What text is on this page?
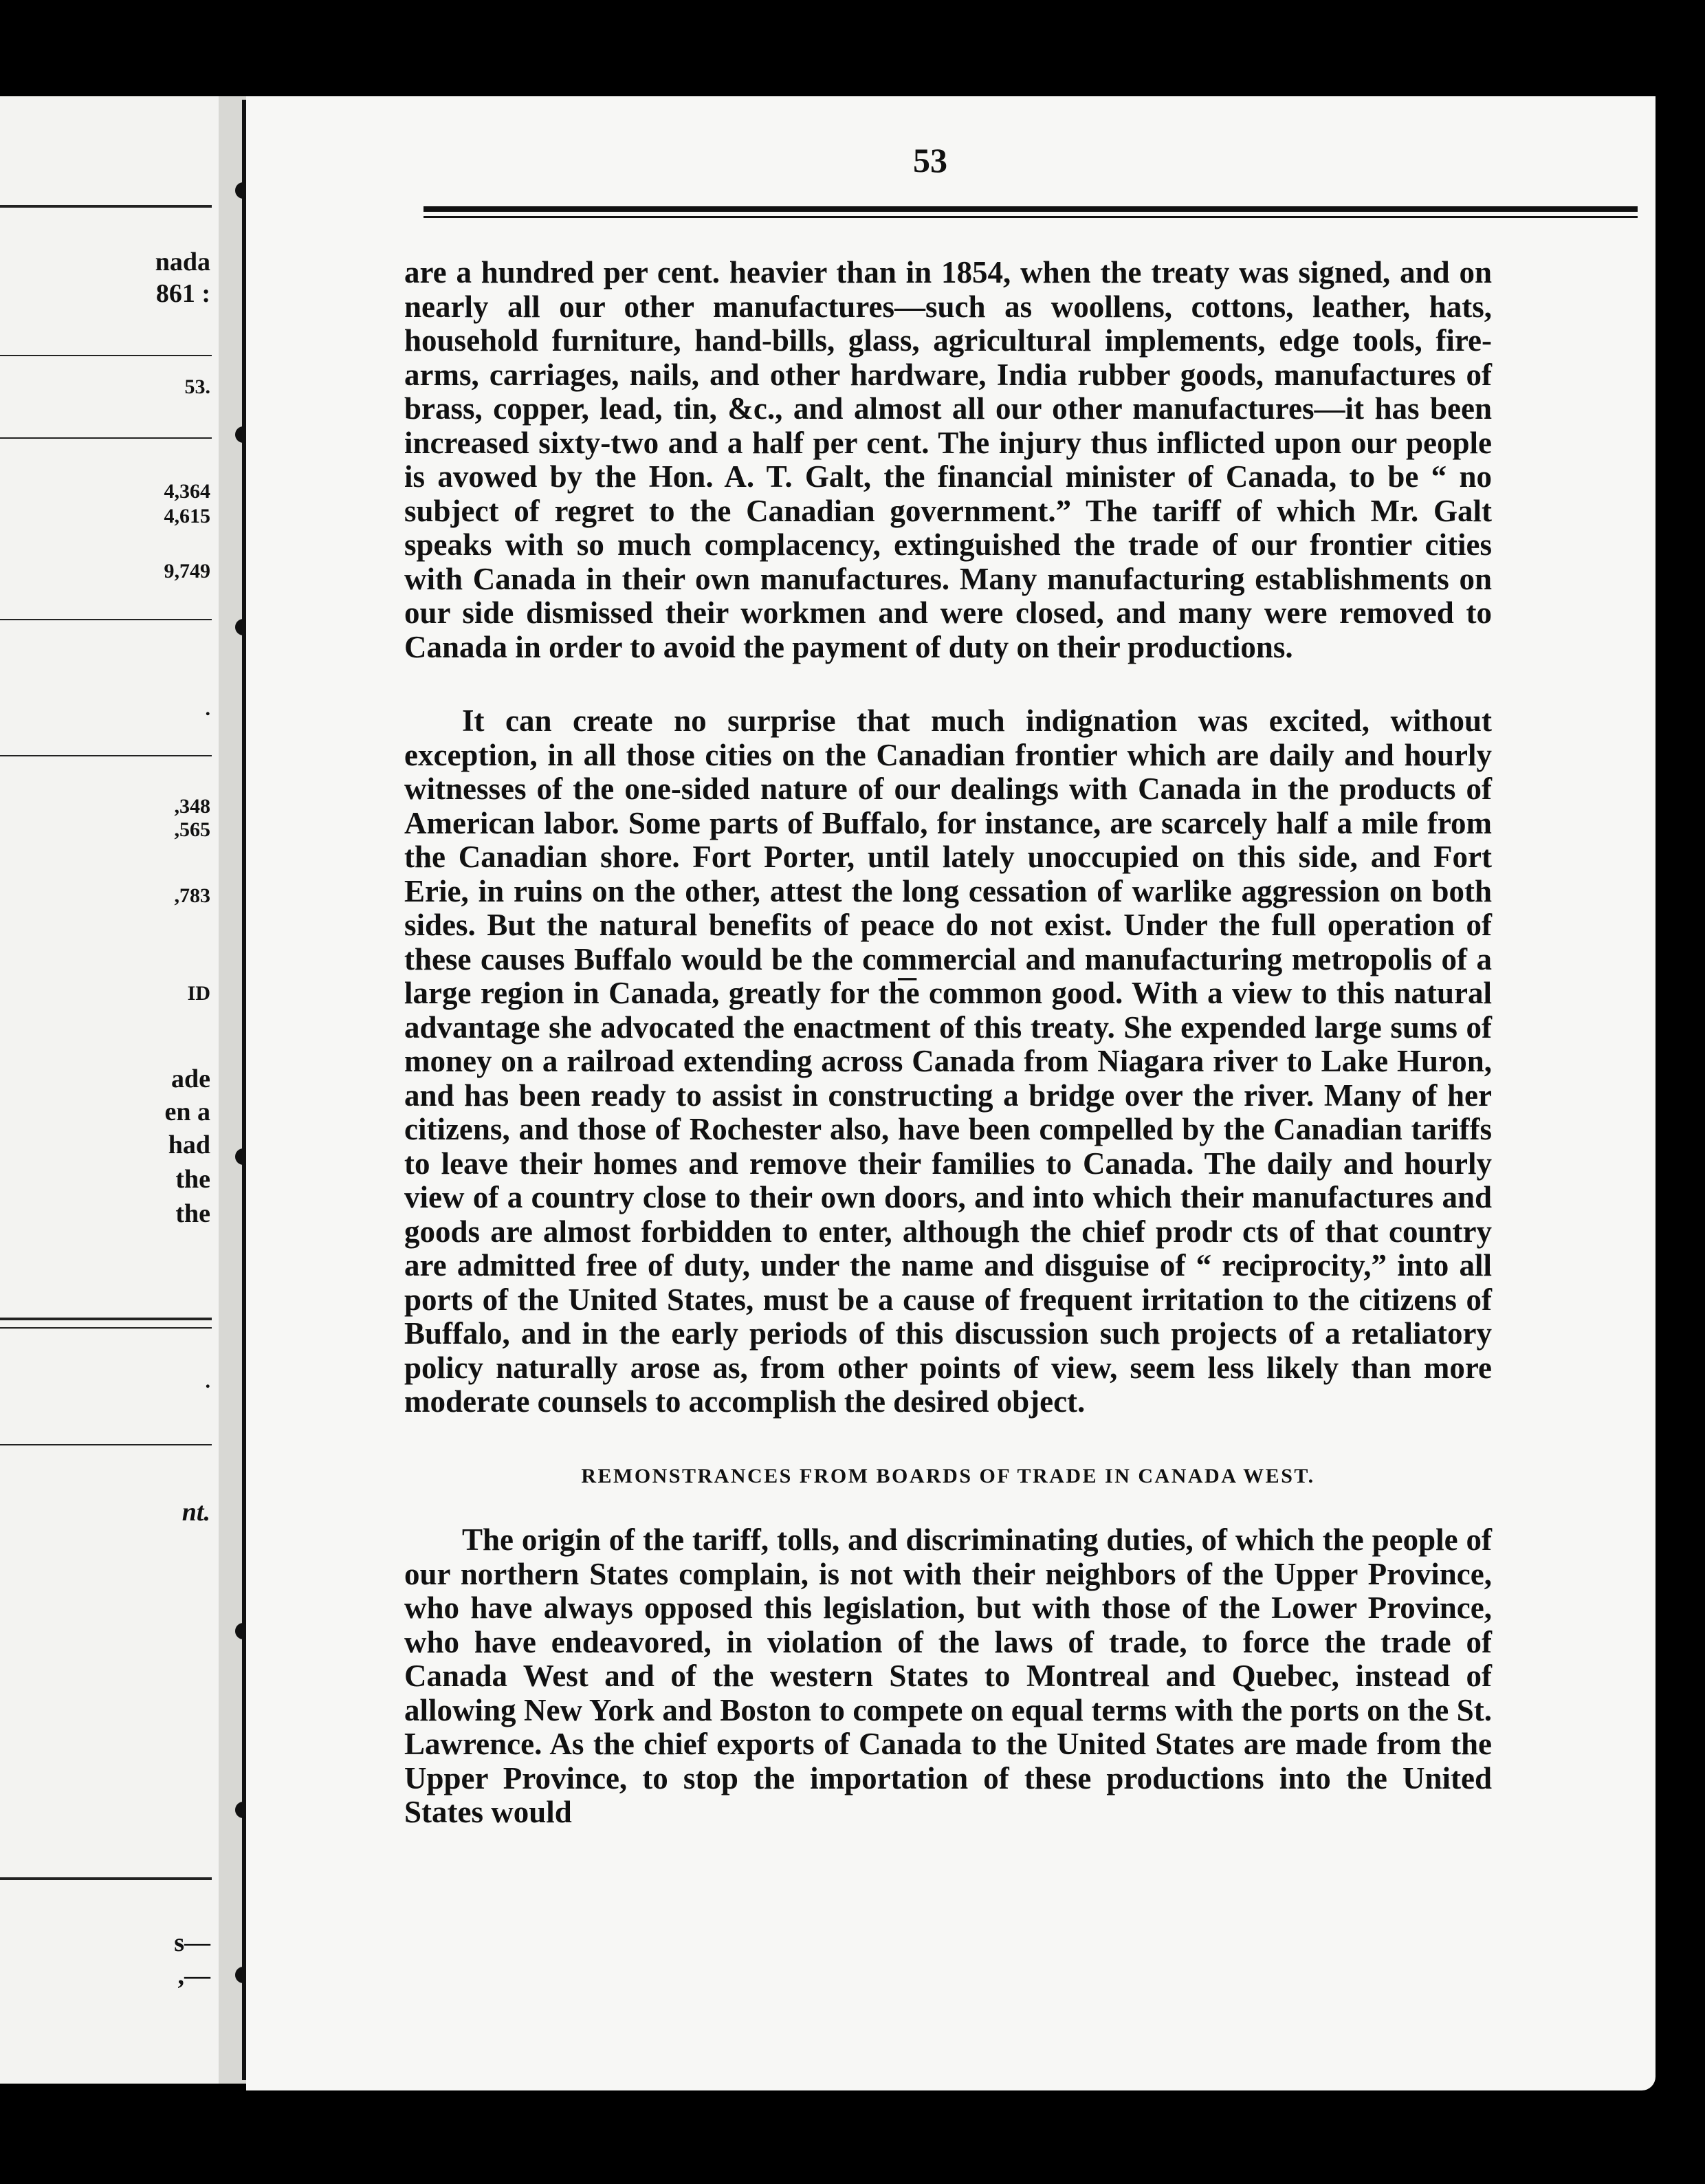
nada
861 :
53.
4,364
4,615
9,749
.
,348
,565
,783
ID
ade
en a
had
the
the
.
nt.
s—
,—
53

are a hundred per cent. heavier than in 1854, when the treaty was signed, and on nearly all our other manufactures—such as woollens, cottons, leather, hats, household furniture, hand-bills, glass, agricultural implements, edge tools, fire-arms, carriages, nails, and other hardware, India rubber goods, manufactures of brass, copper, lead, tin, &c., and almost all our other manufactures—it has been increased sixty-two and a half per cent. The injury thus inflicted upon our people is avowed by the Hon. A. T. Galt, the financial minister of Canada, to be “ no subject of regret to the Canadian government.” The tariff of which Mr. Galt speaks with so much complacency, extinguished the trade of our frontier cities with Canada in their own manufactures. Many manufacturing establishments on our side dismissed their workmen and were closed, and many were removed to Canada in order to avoid the payment of duty on their productions.

It can create no surprise that much indignation was excited, without exception, in all those cities on the Canadian frontier which are daily and hourly witnesses of the one-sided nature of our dealings with Canada in the products of American labor. Some parts of Buffalo, for instance, are scarcely half a mile from the Canadian shore. Fort Porter, until lately unoccupied on this side, and Fort Erie, in ruins on the other, attest the long cessation of warlike aggression on both sides. But the natural benefits of peace do not exist. Under the full operation of these causes Buffalo would be the commercial and manufacturing metropolis of a large region in Canada, greatly for th͞e common good. With a view to this natural advantage she advocated the enactment of this treaty. She expended large sums of money on a railroad extending across Canada from Niagara river to Lake Huron, and has been ready to assist in constructing a bridge over the river. Many of her citizens, and those of Rochester also, have been compelled by the Canadian tariffs to leave their homes and remove their families to Canada. The daily and hourly view of a country close to their own doors, and into which their manufactures and goods are almost forbidden to enter, although the chief prodr cts of that country are admitted free of duty, under the name and disguise of “ reciprocity,” into all ports of the United States, must be a cause of frequent irritation to the citizens of Buffalo, and in the early periods of this discussion such projects of a retaliatory policy naturally arose as, from other points of view, seem less likely than more moderate counsels to accomplish the desired object.

REMONSTRANCES FROM BOARDS OF TRADE IN CANADA WEST.

The origin of the tariff, tolls, and discriminating duties, of which the people of our northern States complain, is not with their neighbors of the Upper Province, who have always opposed this legislation, but with those of the Lower Province, who have endeavored, in violation of the laws of trade, to force the trade of Canada West and of the western States to Montreal and Quebec, instead of allowing New York and Boston to compete on equal terms with the ports on the St. Lawrence. As the chief exports of Canada to the United States are made from the Upper Province, to stop the importation of these productions into the United States would
